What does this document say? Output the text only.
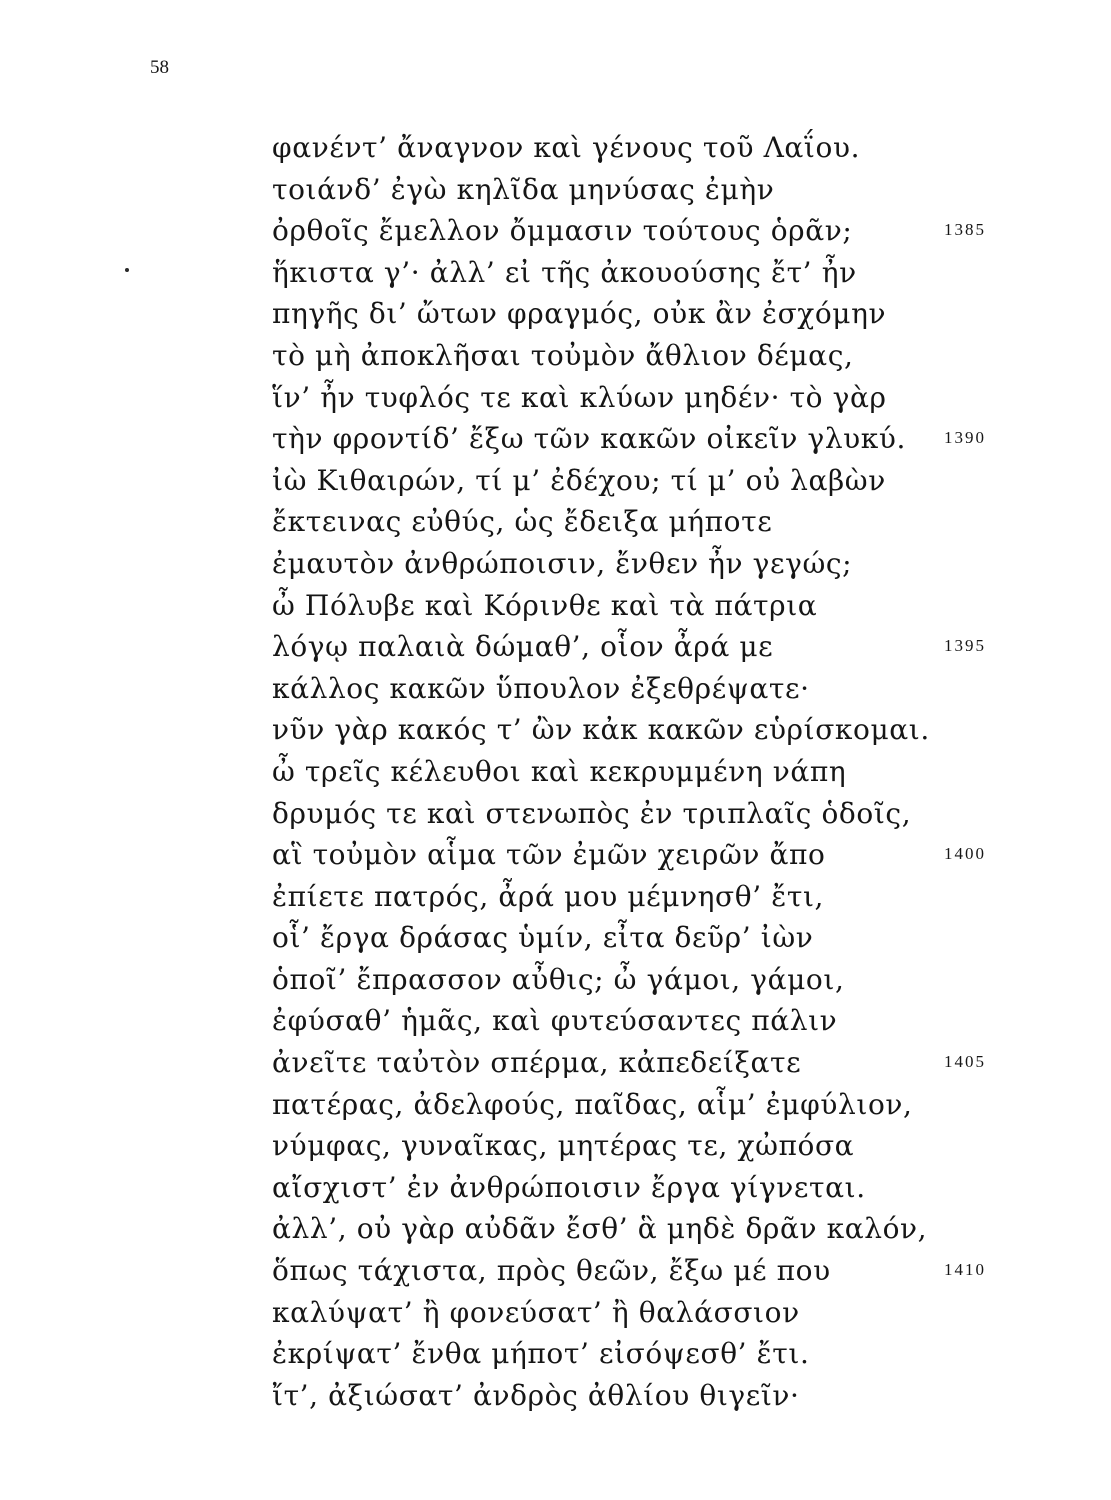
58
φανέντ’ ἄναγνον καὶ γένους τοῦ Λαΐου.
τοιάνδ’ ἐγὼ κηλῖδα μηνύσας ἐμὴν
ὀρθοῖς ἔμελλον ὄμμασιν τούτους ὁρᾶν;	1385
ἥκιστα γ’· ἀλλ’ εἰ τῆς ἀκουούσης ἔτ’ ἦν
πηγῆς δι’ ὤτων φραγμός, οὐκ ἂν ἐσχόμην
τὸ μὴ ἀποκλῆσαι τοὐμὸν ἄθλιον δέμας,
ἵν’ ἦν τυφλός τε καὶ κλύων μηδέν· τὸ γὰρ
τὴν φροντίδ’ ἔξω τῶν κακῶν οἰκεῖν γλυκύ. 1390
ἰὼ Κιθαιρών, τί μ’ ἐδέχου; τί μ’ οὐ λαβὼν
ἔκτεινας εὐθύς, ὡς ἔδειξα μήποτε
ἐμαυτὸν ἀνθρώποισιν, ἔνθεν ἦν γεγώς;
ὦ Πόλυβε καὶ Κόρινθε καὶ τὰ πάτρια
λόγῳ παλαιὰ δώμαθ’, οἷον ἆρά με	1395
κάλλος κακῶν ὕπουλον ἐξεθρέψατε·
νῦν γὰρ κακός τ’ ὢν κἀκ κακῶν εὑρίσκομαι.
ὦ τρεῖς κέλευθοι καὶ κεκρυμμένη νάπη
δρυμός τε καὶ στενωπὸς ἐν τριπλαῖς ὁδοῖς,
αἳ τοὐμὸν αἷμα τῶν ἐμῶν χειρῶν ἄπο	1400
ἐπίετε πατρός, ἆρά μου μέμνησθ’ ἔτι,
οἷ’ ἔργα δράσας ὑμίν, εἶτα δεῦρ’ ἰὼν
ὁποῖ’ ἔπρασσον αὖθις; ὦ γάμοι, γάμοι,
ἐφύσαθ’ ἡμᾶς, καὶ φυτεύσαντες πάλιν
ἀνεῖτε ταὐτὸν σπέρμα, κἀπεδείξατε	1405
πατέρας, ἀδελφούς, παῖδας, αἷμ’ ἐμφύλιον,
νύμφας, γυναῖκας, μητέρας τε, χὠπόσα
αἴσχιστ’ ἐν ἀνθρώποισιν ἔργα γίγνεται.
ἀλλ’, οὐ γὰρ αὐδᾶν ἔσθ’ ἃ μηδὲ δρᾶν καλόν,
ὅπως τάχιστα, πρὸς θεῶν, ἔξω μέ που	1410
καλύψατ’ ἢ φονεύσατ’ ἢ θαλάσσιον
ἐκρίψατ’ ἔνθα μήποτ’ εἰσόψεσθ’ ἔτι.
ἴτ’, ἀξιώσατ’ ἀνδρὸς ἀθλίου θιγεῖν·
